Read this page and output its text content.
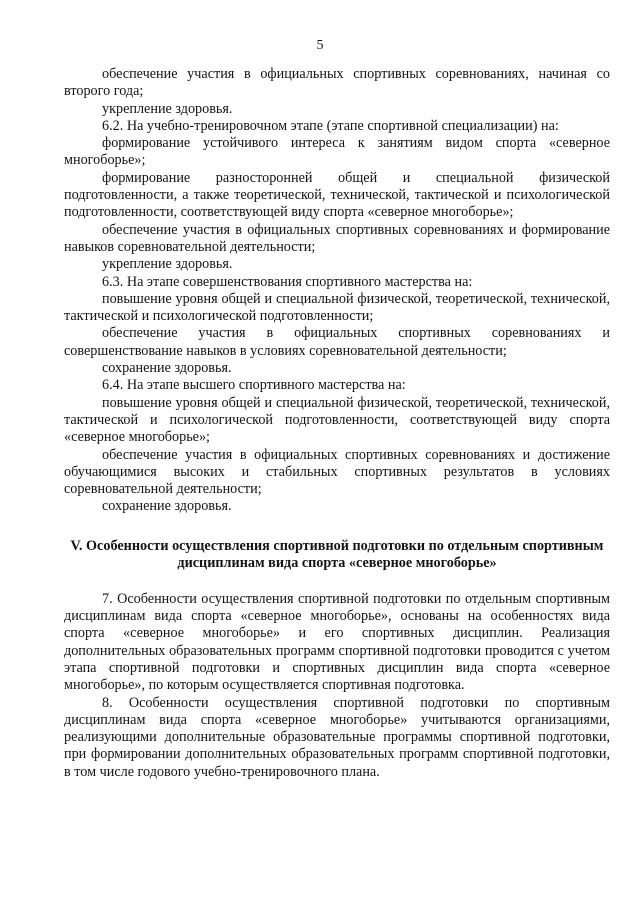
5

обеспечение участия в официальных спортивных соревнованиях, начиная со второго года;

укрепление здоровья.

6.2. На учебно-тренировочном этапе (этапе спортивной специализации) на:

формирование устойчивого интереса к занятиям видом спорта «северное многоборье»;

формирование разносторонней общей и специальной физической подготовленности, а также теоретической, технической, тактической и психологической подготовленности, соответствующей виду спорта «северное многоборье»;

обеспечение участия в официальных спортивных соревнованиях и формирование навыков соревновательной деятельности;

укрепление здоровья.

6.3. На этапе совершенствования спортивного мастерства на:

повышение уровня общей и специальной физической, теоретической, технической, тактической и психологической подготовленности;

обеспечение участия в официальных спортивных соревнованиях и совершенствование навыков в условиях соревновательной деятельности;

сохранение здоровья.

6.4. На этапе высшего спортивного мастерства на:

повышение уровня общей и специальной физической, теоретической, технической, тактической и психологической подготовленности, соответствующей виду спорта «северное многоборье»;

обеспечение участия в официальных спортивных соревнованиях и достижение обучающимися высоких и стабильных спортивных результатов в условиях соревновательной деятельности;

сохранение здоровья.

V. Особенности осуществления спортивной подготовки по отдельным спортивным дисциплинам вида спорта «северное многоборье»

7. Особенности осуществления спортивной подготовки по отдельным спортивным дисциплинам вида спорта «северное многоборье», основаны на особенностях вида спорта «северное многоборье» и его спортивных дисциплин. Реализация дополнительных образовательных программ спортивной подготовки проводится с учетом этапа спортивной подготовки и спортивных дисциплин вида спорта «северное многоборье», по которым осуществляется спортивная подготовка.

8. Особенности осуществления спортивной подготовки по спортивным дисциплинам вида спорта «северное многоборье» учитываются организациями, реализующими дополнительные образовательные программы спортивной подготовки, при формировании дополнительных образовательных программ спортивной подготовки, в том числе годового учебно-тренировочного плана.
